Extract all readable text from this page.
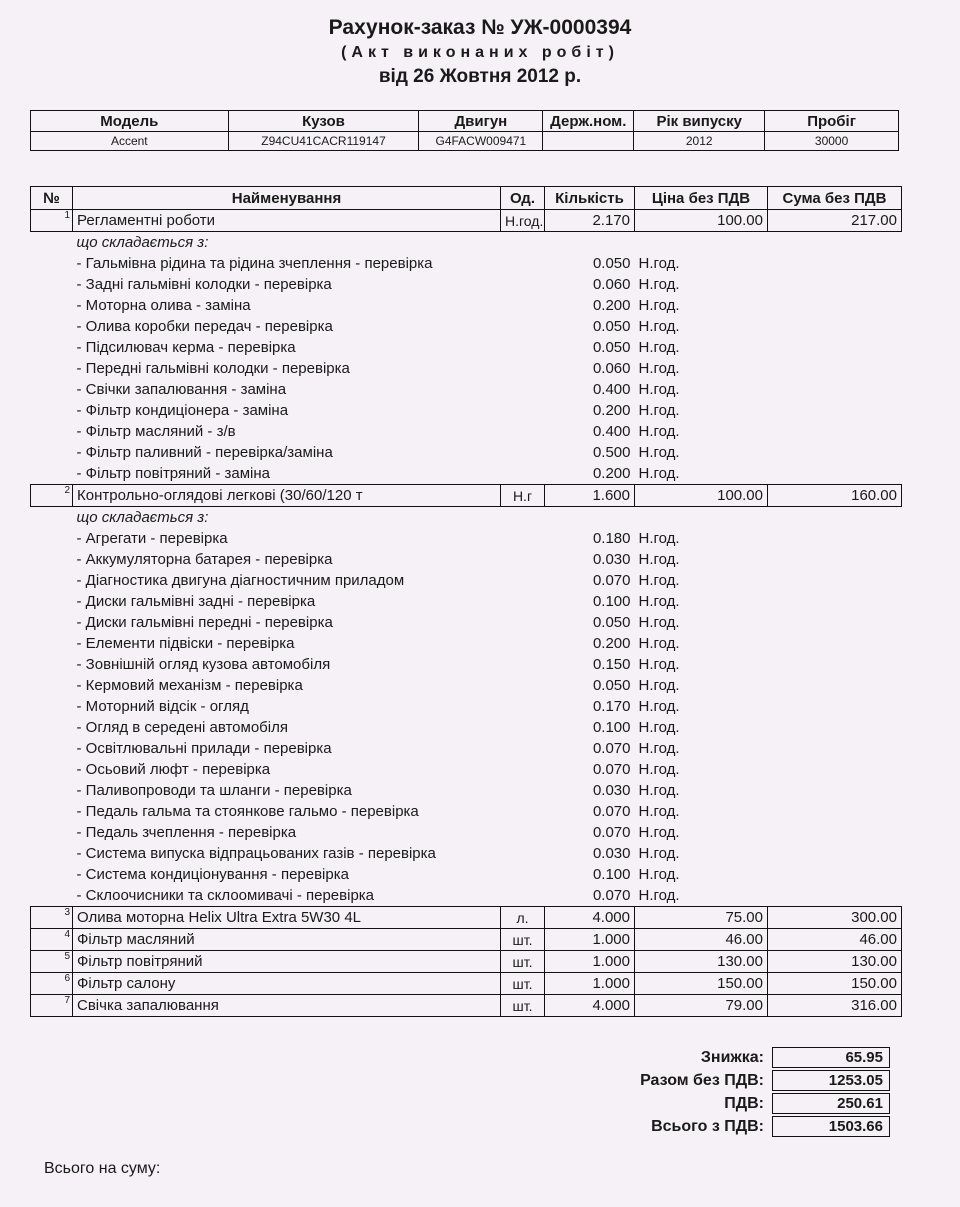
Рахунок-заказ № УЖ-0000394
(Акт виконаних робіт)
від 26 Жовтня 2012 р.
Модель	Кузов	Двигун	Держ.ном.	Рік випуску	Пробіг
Accent	Z94CU41CACR119147	G4FACW009471		2012	30000
№	Найменування	Од.	Кількість	Ціна без ПДВ	Сума без ПДВ
1	Регламентні роботи	Н.год.	2.170	100.00	217.00
	що складається з:				
	- Гальмівна рідина та рідина зчеплення - перевірка		0.050	Н.год.	
	- Задні гальмівні колодки - перевірка		0.060	Н.год.	
	- Моторна олива - заміна		0.200	Н.год.	
	- Олива коробки передач - перевірка		0.050	Н.год.	
	- Підсилювач керма - перевірка		0.050	Н.год.	
	- Передні гальмівні колодки - перевірка		0.060	Н.год.	
	- Свічки запалювання - заміна		0.400	Н.год.	
	- Фільтр кондиціонера - заміна		0.200	Н.год.	
	- Фільтр масляний - з/в		0.400	Н.год.	
	- Фільтр паливний - перевірка/заміна		0.500	Н.год.	
	- Фільтр повітряний - заміна		0.200	Н.год.	
2	Контрольно-оглядові легкові (30/60/120 т	Н.г	1.600	100.00	160.00
	що складається з:				
	- Агрегати - перевірка		0.180	Н.год.	
	- Аккумуляторна батарея - перевірка		0.030	Н.год.	
	- Діагностика двигуна діагностичним приладом		0.070	Н.год.	
	- Диски гальмівні задні - перевірка		0.100	Н.год.	
	- Диски гальмівні передні - перевірка		0.050	Н.год.	
	- Елементи підвіски - перевірка		0.200	Н.год.	
	- Зовнішній огляд кузова автомобіля		0.150	Н.год.	
	- Кермовий механізм - перевірка		0.050	Н.год.	
	- Моторний відсік - огляд		0.170	Н.год.	
	- Огляд в середені автомобіля		0.100	Н.год.	
	- Освітлювальні прилади - перевірка		0.070	Н.год.	
	- Осьовий люфт - перевірка		0.070	Н.год.	
	- Паливопроводи та шланги - перевірка		0.030	Н.год.	
	- Педаль гальма та стоянкове гальмо - перевірка		0.070	Н.год.	
	- Педаль зчеплення - перевірка		0.070	Н.год.	
	- Система випуска відпрацьованих газів - перевірка		0.030	Н.год.	
	- Система кондиціонування - перевірка		0.100	Н.год.	
	- Склоочисники та склоомивачі - перевірка		0.070	Н.год.	
3	Олива моторна Helix Ultra Extra 5W30 4L	л.	4.000	75.00	300.00
4	Фільтр масляний	шт.	1.000	46.00	46.00
5	Фільтр повітряний	шт.	1.000	130.00	130.00
6	Фільтр салону	шт.	1.000	150.00	150.00
7	Свічка запалювання	шт.	4.000	79.00	316.00
Знижка:	65.95
Разом без ПДВ:	1253.05
ПДВ:	250.61
Всього з ПДВ:	1503.66
Всього на суму:
